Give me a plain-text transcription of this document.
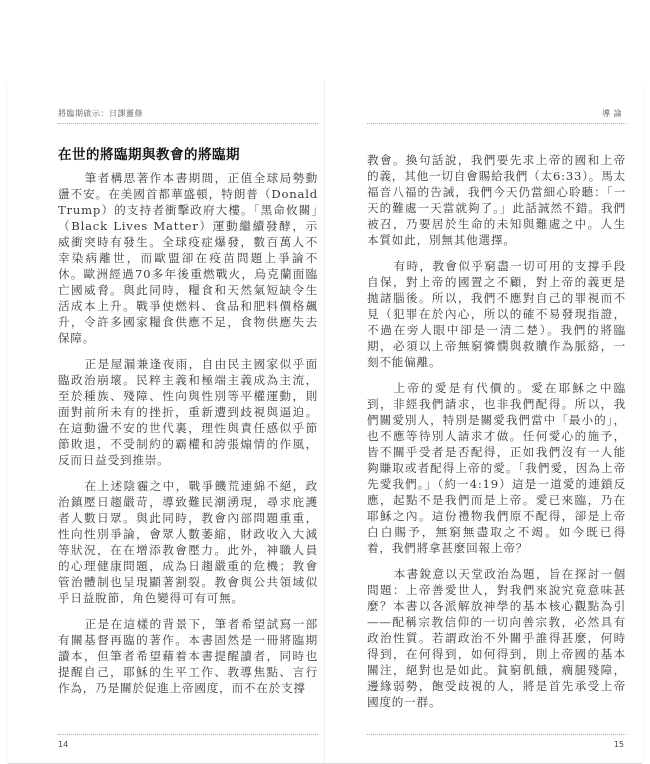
將臨期啟示：日課靈修
在世的將臨期與教會的將臨期

筆者構思著作本書期間，正值全球局勢動盪不安。在美國首都華盛頓，特朗普（Donald Trump）的支持者衝擊政府大樓。「黑命攸關」（Black Lives Matter）運動繼續發酵，示威衝突時有發生。全球疫症爆發，數百萬人不幸染病離世，而歐盟卻在疫苗問題上爭論不休。歐洲經過70多年後重燃戰火，烏克蘭面臨亡國威脅。與此同時，糧食和天然氣短缺令生活成本上升。戰爭使燃料、食品和肥料價格飆升，令許多國家糧食供應不足，食物供應失去保障。

正是屋漏兼逢夜雨，自由民主國家似乎面臨政治崩壞。民粹主義和極端主義成為主流，至於種族、殘障、性向與性別等平權運動，則面對前所未有的挫折，重新遭到歧視與逼迫。在這動盪不安的世代裏，理性與責任感似乎節節敗退，不受制約的霸權和誇張煽情的作風，反而日益受到推崇。

在上述陰霾之中，戰爭饑荒連綿不絕，政治鎮壓日趨嚴苛，導致難民潮湧現，尋求庇護者人數日眾。與此同時，教會內部問題重重，性向性別爭論，會眾人數萎縮，財政收入大減等狀況，在在增添教會壓力。此外，神職人員的心理健康問題，成為日趨嚴重的危機；教會管治體制也呈現顯著割裂。教會與公共領域似乎日益脫節，角色變得可有可無。

正是在這樣的背景下，筆者希望試寫一部有關基督再臨的著作。本書固然是一冊將臨期讀本，但筆者希望藉着本書提醒讀者，同時也提醒自己，耶穌的生平工作、教導焦點、言行作為，乃是關於促進上帝國度，而不在於支撐

14
導 論

教會。換句話說，我們要先求上帝的國和上帝的義，其他一切自會賜給我們（太6:33）。馬太福音八福的告誡，我們今天仍當細心聆聽：「一天的難處一天當就夠了。」此話誠然不錯。我們被召，乃要居於生命的未知與難處之中。人生本質如此，別無其他選擇。

有時，教會似乎窮盡一切可用的支撐手段自保，對上帝的國置之不顧，對上帝的義更是拋諸腦後。所以，我們不應對自己的罪視而不見（犯罪在於內心，所以的確不易發現指證，不過在旁人眼中卻是一清二楚）。我們的將臨期，必須以上帝無窮憐憫與救贖作為脈絡，一刻不能偏離。

上帝的愛是有代價的。愛在耶穌之中臨到，非經我們請求，也非我們配得。所以，我們關愛別人，特別是關愛我們當中「最小的」，也不應等待別人請求才做。任何愛心的施予，皆不關乎受者是否配得，正如我們沒有一人能夠賺取或者配得上帝的愛。「我們愛，因為上帝先愛我們。」（約一4:19）這是一道愛的連鎖反應，起點不是我們而是上帝。愛已來臨，乃在耶穌之內。這份禮物我們原不配得，卻是上帝白白賜予，無窮無盡取之不竭。如今既已得着，我們將拿甚麼回報上帝？

本書銳意以天堂政治為題，旨在探討一個問題：上帝善愛世人，對我們來說究竟意味甚麼？本書以各派解放神學的基本核心觀點為引——配稱宗教信仰的一切向善宗教，必然具有政治性質。若謂政治不外關乎誰得甚麼，何時得到，在何得到，如何得到，則上帝國的基本關注，絕對也是如此。貧窮飢餓，瘸腿殘障，邊緣弱勢，飽受歧視的人，將是首先承受上帝國度的一群。

15
